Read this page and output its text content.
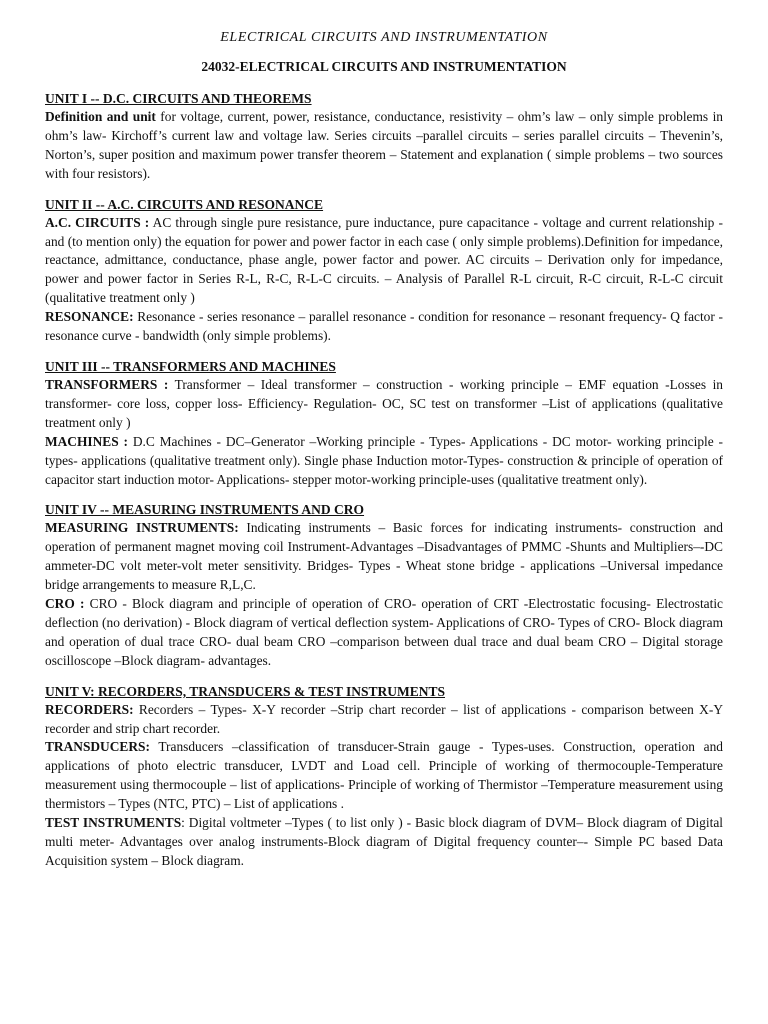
ELECTRICAL CIRCUITS AND INSTRUMENTATION
24032-ELECTRICAL CIRCUITS AND INSTRUMENTATION

UNIT I -- D.C. CIRCUITS AND THEOREMS

Definition and unit for voltage, current, power, resistance, conductance, resistivity – ohm’s law – only simple problems in ohm’s law- Kirchoff’s current law and voltage law. Series circuits –parallel circuits – series parallel circuits – Thevenin’s, Norton’s, super position and maximum power transfer theorem – Statement and explanation ( simple problems – two sources with four resistors).

UNIT II -- A.C. CIRCUITS AND RESONANCE

A.C. CIRCUITS : AC through single pure resistance, pure inductance, pure capacitance - voltage and current relationship - and (to mention only) the equation for power and power factor in each case ( only simple problems).Definition for impedance, reactance, admittance, conductance, phase angle, power factor and power. AC circuits – Derivation only for impedance, power and power factor in Series R-L, R-C, R-L-C circuits. – Analysis of Parallel R-L circuit, R-C circuit, R-L-C circuit (qualitative treatment only )

RESONANCE: Resonance - series resonance – parallel resonance - condition for resonance – resonant frequency- Q factor - resonance curve - bandwidth (only simple problems).

UNIT III -- TRANSFORMERS AND MACHINES

TRANSFORMERS : Transformer – Ideal transformer – construction - working principle – EMF equation -Losses in transformer- core loss, copper loss- Efficiency- Regulation- OC, SC test on transformer –List of applications (qualitative treatment only )

MACHINES : D.C Machines - DC–Generator –Working principle - Types- Applications - DC motor- working principle - types- applications (qualitative treatment only). Single phase Induction motor-Types- construction & principle of operation of capacitor start induction motor- Applications- stepper motor-working principle-uses (qualitative treatment only).

UNIT IV -- MEASURING INSTRUMENTS AND CRO

MEASURING INSTRUMENTS: Indicating instruments – Basic forces for indicating instruments- construction and operation of permanent magnet moving coil Instrument-Advantages –Disadvantages of PMMC -Shunts and Multipliers–-DC ammeter-DC volt meter-volt meter sensitivity. Bridges- Types - Wheat stone bridge - applications –Universal impedance bridge arrangements to measure R,L,C.

CRO : CRO - Block diagram and principle of operation of CRO- operation of CRT -Electrostatic focusing- Electrostatic deflection (no derivation) - Block diagram of vertical deflection system- Applications of CRO- Types of CRO- Block diagram and operation of dual trace CRO- dual beam CRO –comparison between dual trace and dual beam CRO – Digital storage oscilloscope –Block diagram- advantages.

UNIT V: RECORDERS, TRANSDUCERS & TEST INSTRUMENTS

RECORDERS: Recorders – Types- X-Y recorder –Strip chart recorder – list of applications - comparison between X-Y recorder and strip chart recorder.

TRANSDUCERS: Transducers –classification of transducer-Strain gauge - Types-uses. Construction, operation and applications of photo electric transducer, LVDT and Load cell. Principle of working of thermocouple-Temperature measurement using thermocouple – list of applications- Principle of working of Thermistor –Temperature measurement using thermistors – Types (NTC, PTC) – List of applications .

TEST INSTRUMENTS: Digital voltmeter –Types ( to list only ) - Basic block diagram of DVM– Block diagram of Digital multi meter- Advantages over analog instruments-Block diagram of Digital frequency counter–- Simple PC based Data Acquisition system – Block diagram.
